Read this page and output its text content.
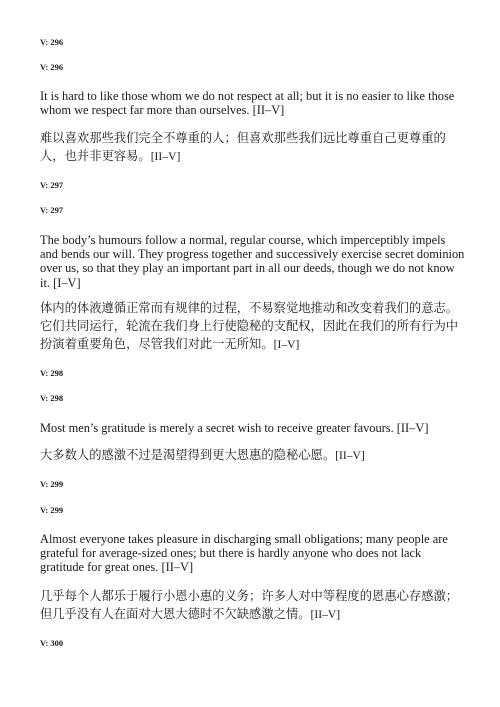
V: 296
V: 296
It is hard to like those whom we do not respect at all; but it is no easier to like those whom we respect far more than ourselves. [II–V]
难以喜欢那些我们完全不尊重的人；但喜欢那些我们远比尊重自己更尊重的人，也并非更容易。[II–V]
V: 297
V: 297
The body’s humours follow a normal, regular course, which imperceptibly impels and bends our will. They progress together and successively exercise secret dominion over us, so that they play an important part in all our deeds, though we do not know it. [I–V]
体内的体液遵循正常而有规律的过程，不易察觉地推动和改变着我们的意志。它们共同运行，轮流在我们身上行使隐秘的支配权，因此在我们的所有行为中扮演着重要角色，尽管我们对此一无所知。[I–V]
V: 298
V: 298
Most men’s gratitude is merely a secret wish to receive greater favours. [II–V]
大多数人的感激不过是渴望得到更大恩惠的隐秘心愿。[II–V]
V: 299
V: 299
Almost everyone takes pleasure in discharging small obligations; many people are grateful for average-sized ones; but there is hardly anyone who does not lack gratitude for great ones. [II–V]
几乎每个人都乐于履行小恩小惠的义务；许多人对中等程度的恩惠心存感激；但几乎没有人在面对大恩大德时不欠缺感激之情。[II–V]
V: 300
